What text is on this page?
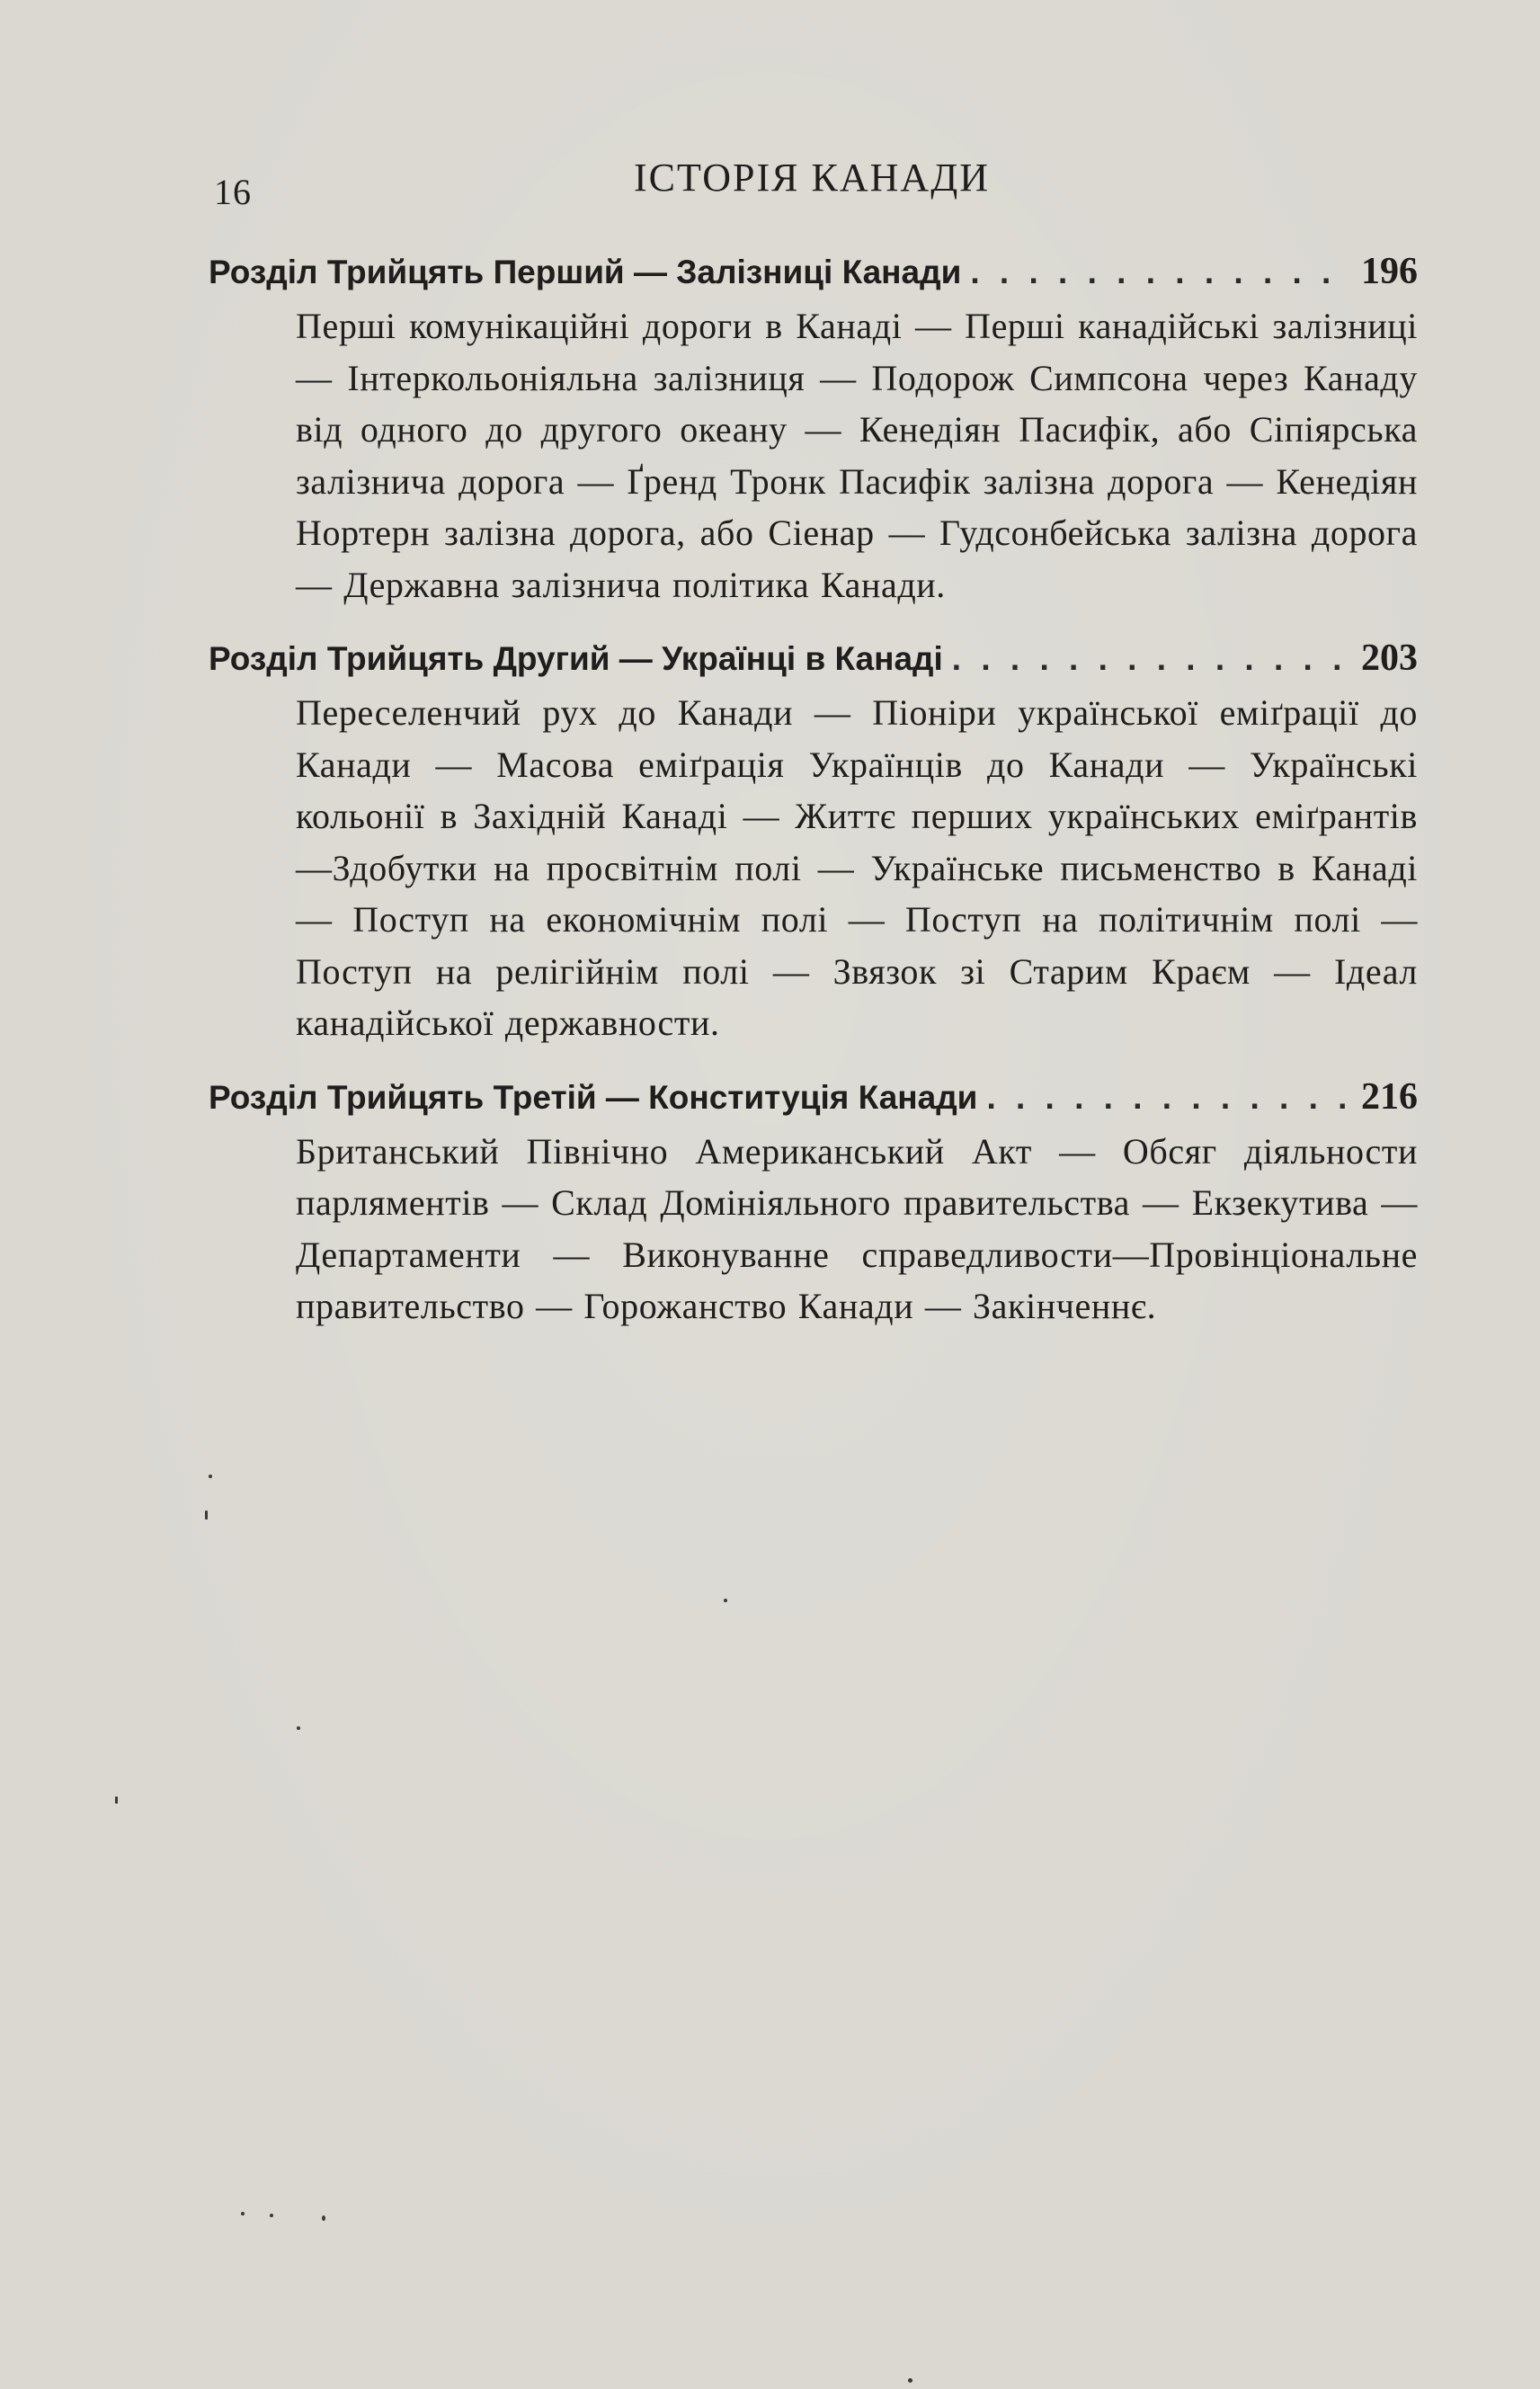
16	ІСТОРІЯ КАНАДИ
Розділ Трийцять Перший — Залізниці Канади . . .	196
Перші комунікаційні дороги в Канаді — Перші канадійські залізниці — Інтеркольоніяльна залізниця — Подорож Симпсона через Канаду від одного до другого океану — Кенедіян Пасифік, або Сіпіярська залізнича дорога — Ґренд Тронк Пасифік залізна дорога — Кенедіян Нортерн залізна дорога, або Сіенар — Гудсонбейська залізна дорога — Державна залізнича політика Канади.
Розділ Трийцять Другий — Українці в Канаді . . .	203
Переселенчий рух до Канади — Піоніри української еміґрації до Канади — Масова еміґрація Українців до Канади — Українські кольонії в Західній Канаді — Життє перших українських еміґрантів—Здобутки на просвітнім полі — Українське письменство в Канаді — Поступ на економічнім полі — Поступ на політичнім полі — Поступ на релігійнім полі — Звязок зі Старим Краєм — Ідеал канадійської державности.
Розділ Трийцять Третій — Конституція Канади . . .	216
Британський Північно Американський Акт — Обсяг діяльности парляментів — Склад Домініяльного правительства — Екзекутива — Департаменти — Виконуванне справедливости—Провінціональне правительство — Горожанство Канади — Закінченнє.
